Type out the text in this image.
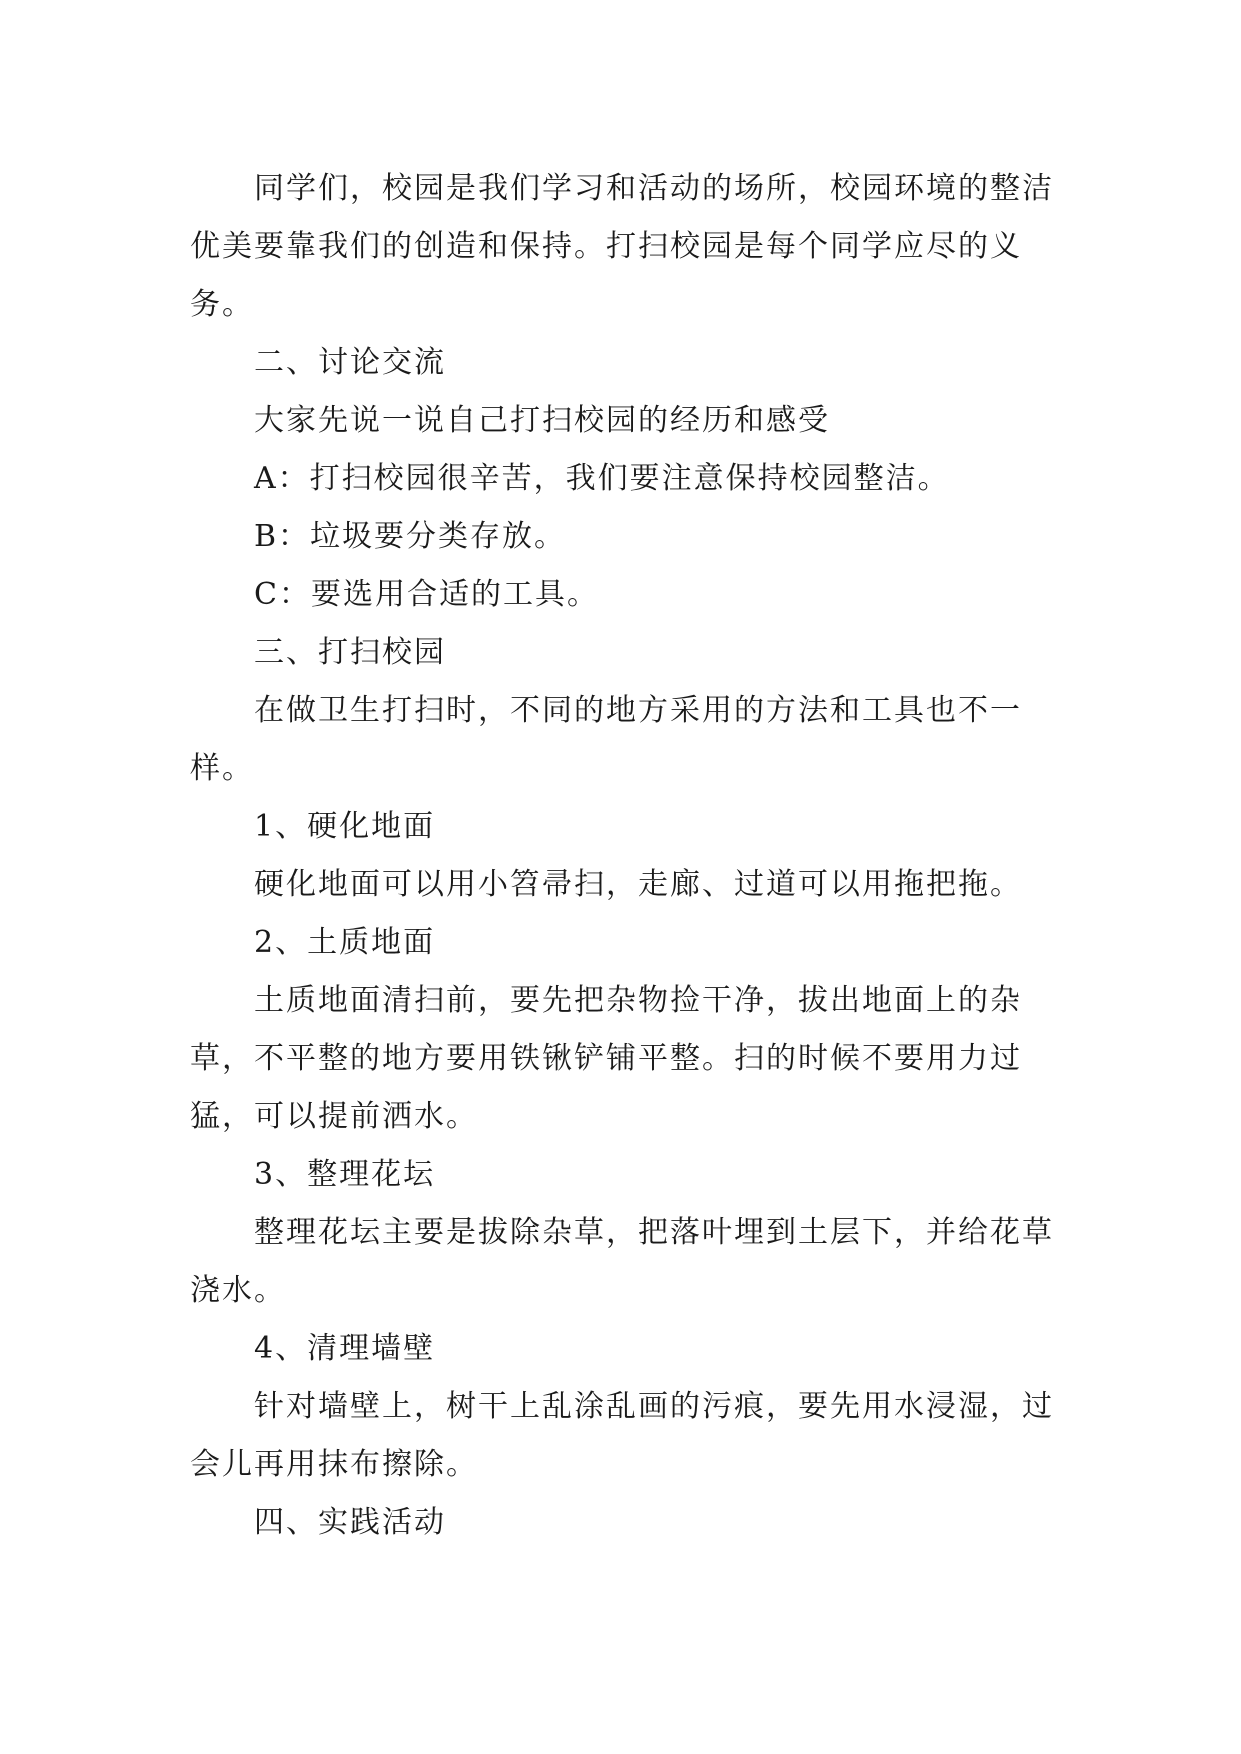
同学们，校园是我们学习和活动的场所，校园环境的整洁优美要靠我们的创造和保持。打扫校园是每个同学应尽的义务。

二、讨论交流

大家先说一说自己打扫校园的经历和感受

A：打扫校园很辛苦，我们要注意保持校园整洁。

B：垃圾要分类存放。

C：要选用合适的工具。

三、打扫校园

在做卫生打扫时，不同的地方采用的方法和工具也不一样。

1、硬化地面

硬化地面可以用小笤帚扫，走廊、过道可以用拖把拖。

2、土质地面

土质地面清扫前，要先把杂物捡干净，拔出地面上的杂草，不平整的地方要用铁锹铲铺平整。扫的时候不要用力过猛，可以提前洒水。

3、整理花坛

整理花坛主要是拔除杂草，把落叶埋到土层下，并给花草浇水。

4、清理墙壁

针对墙壁上，树干上乱涂乱画的污痕，要先用水浸湿，过会儿再用抹布擦除。

四、实践活动
